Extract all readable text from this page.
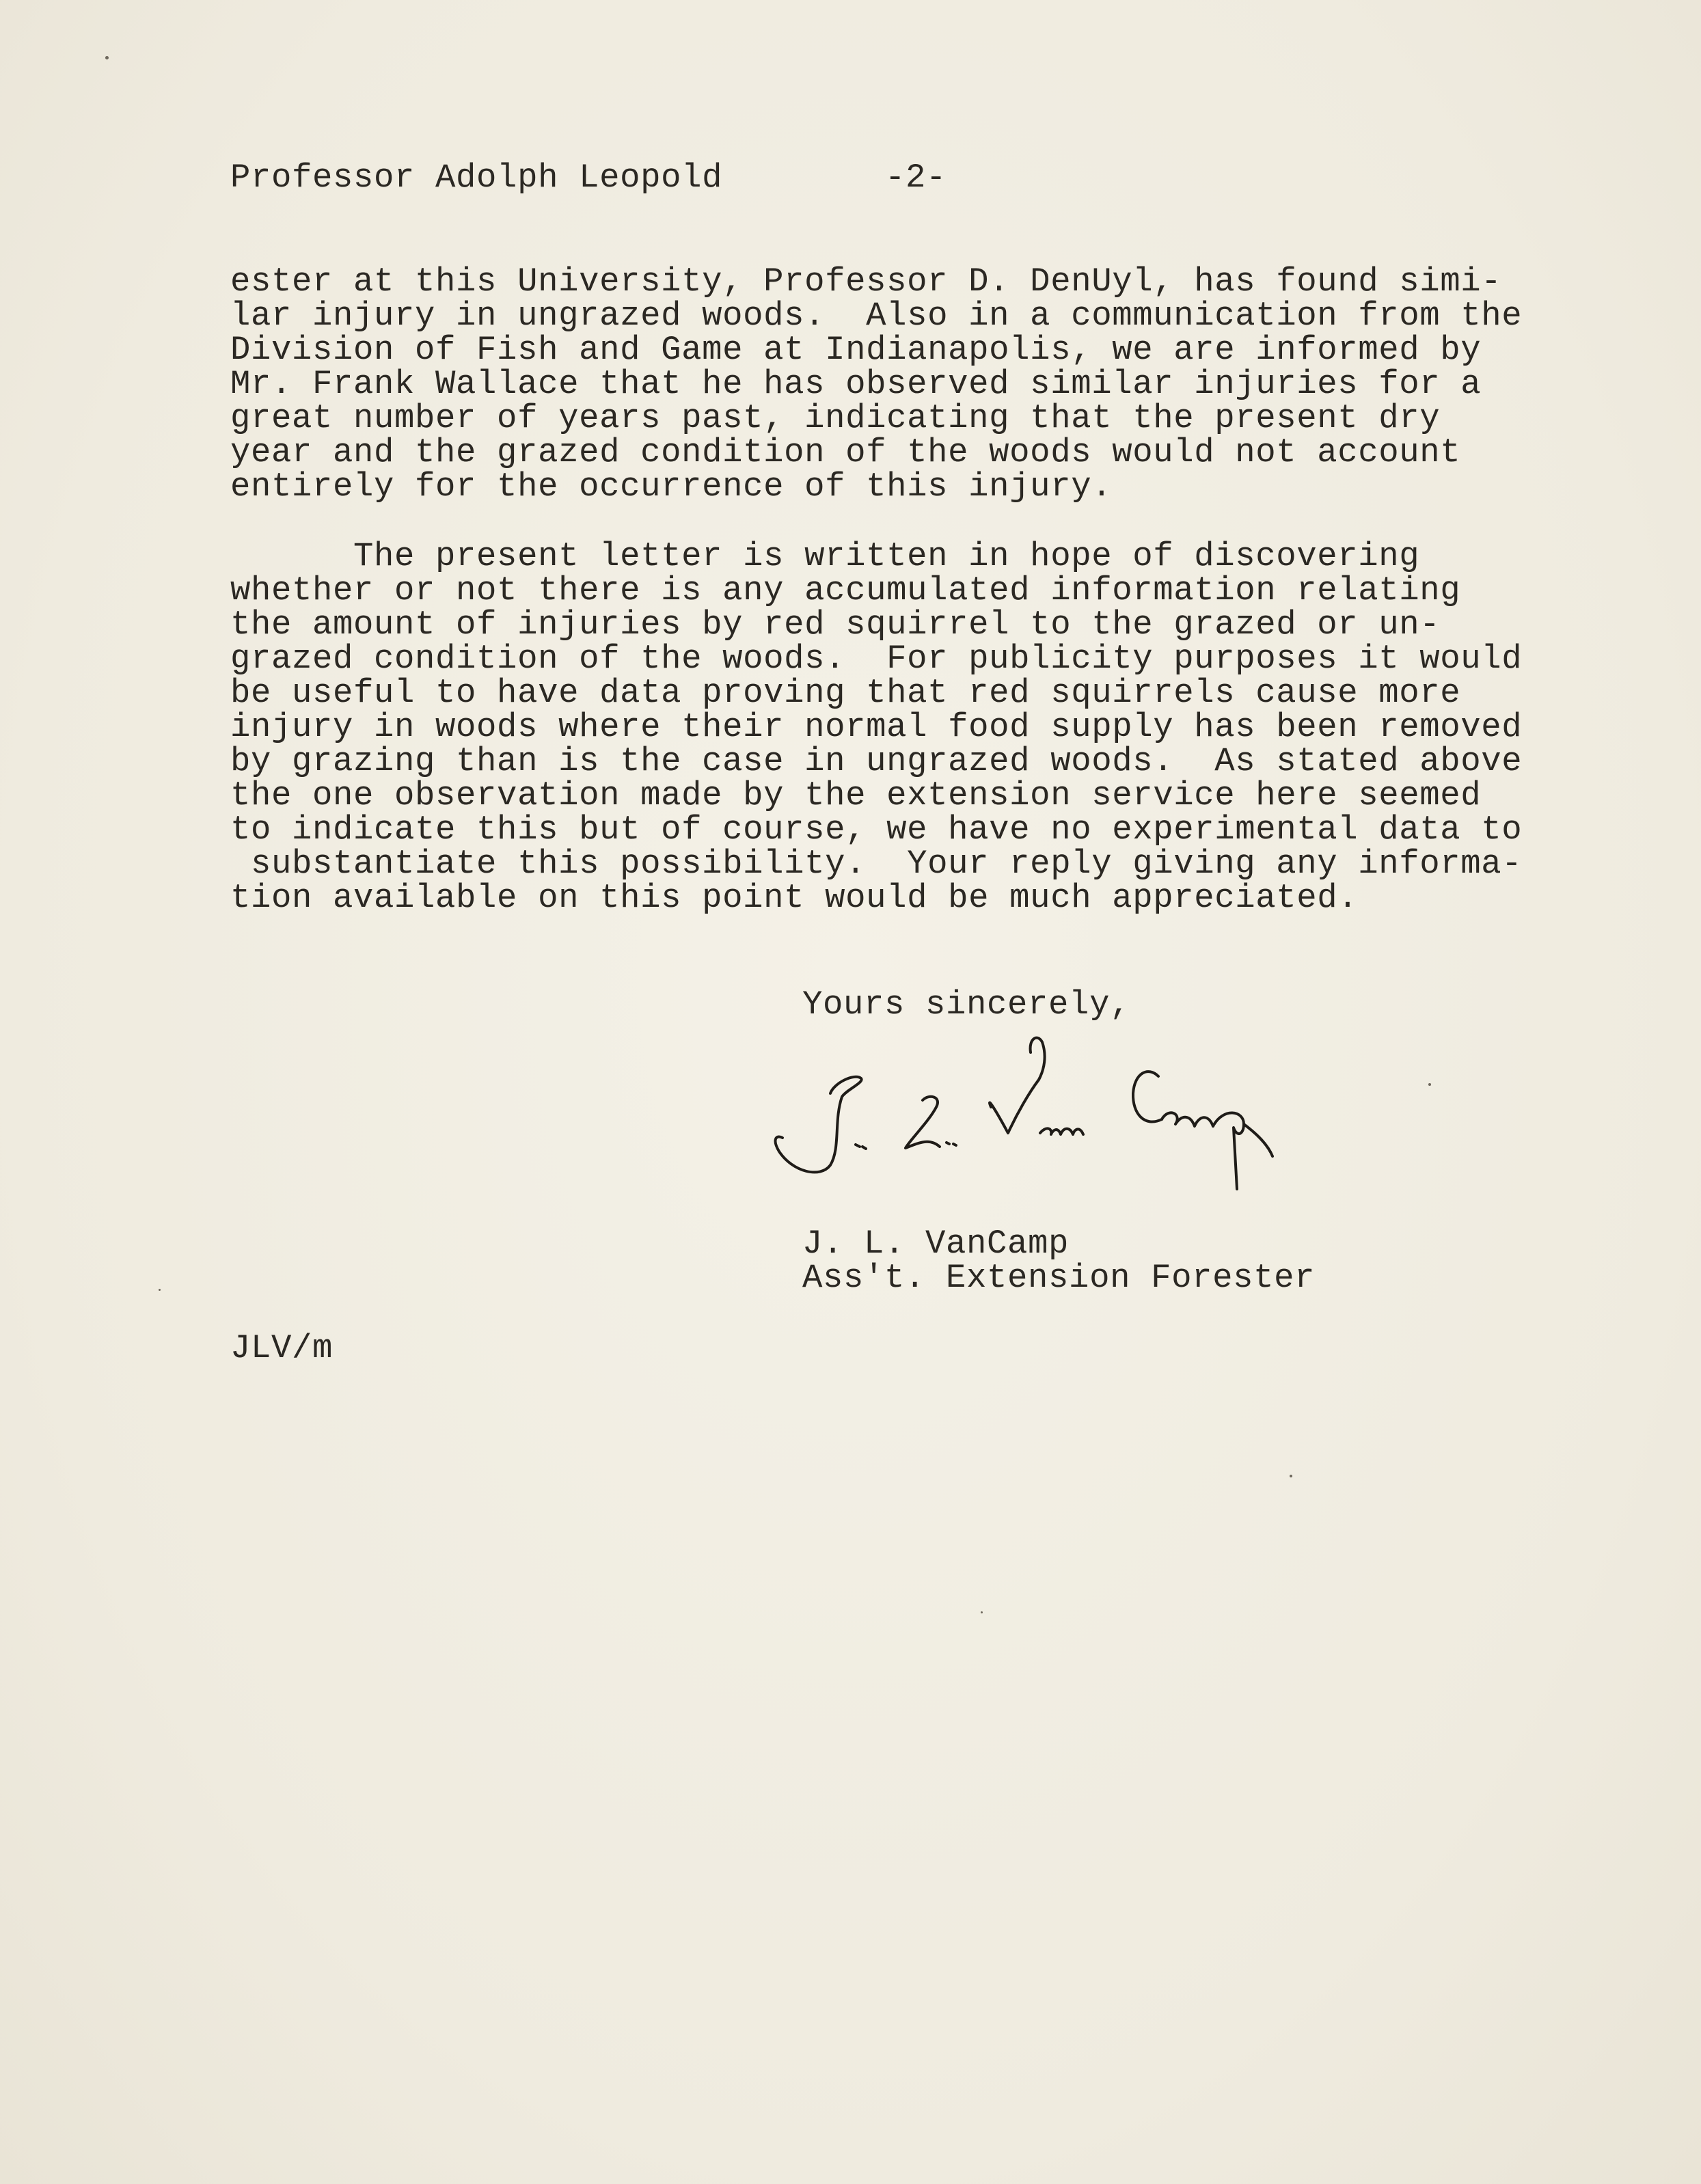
Professor Adolph Leopold	-2-
ester at this University, Professor D. DenUyl, has found simi-
lar injury in ungrazed woods.  Also in a communication from the
Division of Fish and Game at Indianapolis, we are informed by
Mr. Frank Wallace that he has observed similar injuries for a
great number of years past, indicating that the present dry
year and the grazed condition of the woods would not account
entirely for the occurrence of this injury.
The present letter is written in hope of discovering
whether or not there is any accumulated information relating
the amount of injuries by red squirrel to the grazed or un-
grazed condition of the woods.  For publicity purposes it would
be useful to have data proving that red squirrels cause more
injury in woods where their normal food supply has been removed
by grazing than is the case in ungrazed woods.  As stated above
the one observation made by the extension service here seemed
to indicate this but of course, we have no experimental data to
substantiate this possibility.  Your reply giving any informa-
tion available on this point would be much appreciated.
Yours sincerely,
J. L. VanCamp
Ass't. Extension Forester
JLV/m
